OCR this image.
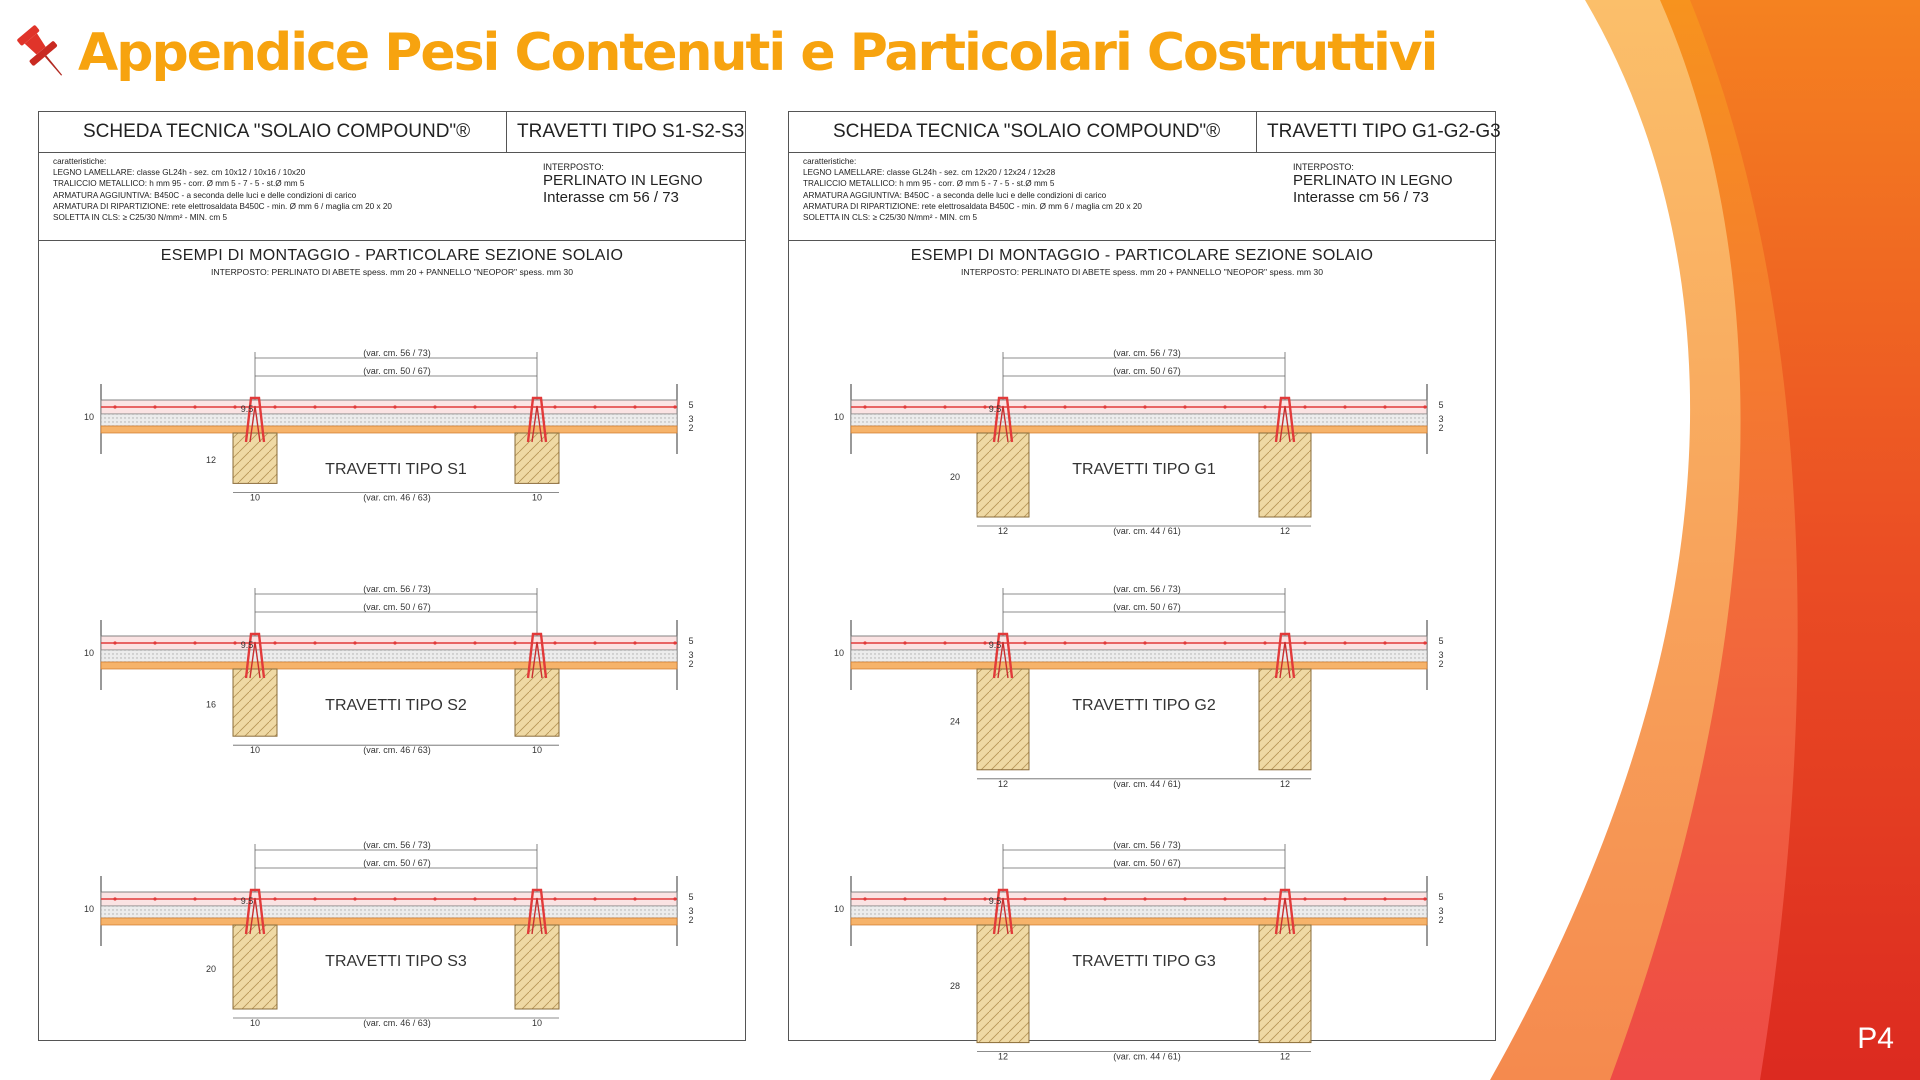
Appendice Pesi Contenuti e Particolari Costruttivi
(var. cm. 56 / 73)
(var. cm. 50 / 67)
10	10
(var. cm. 46 / 63)
10
12
9.5	5
3
2
TRAVETTI TIPO S1
(var. cm. 56 / 73)
(var. cm. 50 / 67)
10	10
(var. cm. 46 / 63)
10
16
9.5	5
3
2
TRAVETTI TIPO S2
(var. cm. 56 / 73)
(var. cm. 50 / 67)
10	10
(var. cm. 46 / 63)
10
20
9.5	5
3
2
TRAVETTI TIPO S3
SCHEDA TECNICA "SOLAIO COMPOUND"®	TRAVETTI TIPO S1-S2-S3
caratteristiche:
LEGNO LAMELLARE: classe GL24h - sez. cm 10x12 / 10x16 / 10x20
TRALICCIO METALLICO: h mm 95 - corr. Ø mm 5 - 7 - 5 - st.Ø mm 5
ARMATURA AGGIUNTIVA: B450C - a seconda delle luci e delle condizioni di carico
ARMATURA DI RIPARTIZIONE: rete elettrosaldata B450C - min. Ø mm 6 / maglia cm 20 x 20
SOLETTA IN CLS: ≥ C25/30 N/mm² - MIN. cm 5
INTERPOSTO:
PERLINATO IN LEGNO
Interasse cm 56 / 73
ESEMPI DI MONTAGGIO - PARTICOLARE SEZIONE SOLAIO
INTERPOSTO: PERLINATO DI ABETE spess. mm 20 + PANNELLO "NEOPOR" spess. mm 30
(var. cm. 56 / 73)
(var. cm. 50 / 67)
12	12
(var. cm. 44 / 61)
10
20
9.5	5
3
2
TRAVETTI TIPO G1
(var. cm. 56 / 73)
(var. cm. 50 / 67)
12	12
(var. cm. 44 / 61)
10
24
9.5	5
3
2
TRAVETTI TIPO G2
(var. cm. 56 / 73)
(var. cm. 50 / 67)
12	12
(var. cm. 44 / 61)
10
28
9.5	5
3
2
TRAVETTI TIPO G3
SCHEDA TECNICA "SOLAIO COMPOUND"®	TRAVETTI TIPO G1-G2-G3
caratteristiche:
LEGNO LAMELLARE: classe GL24h - sez. cm 12x20 / 12x24 / 12x28
TRALICCIO METALLICO: h mm 95 - corr. Ø mm 5 - 7 - 5 - st.Ø mm 5
ARMATURA AGGIUNTIVA: B450C - a seconda delle luci e delle condizioni di carico
ARMATURA DI RIPARTIZIONE: rete elettrosaldata B450C - min. Ø mm 6 / maglia cm 20 x 20
SOLETTA IN CLS: ≥ C25/30 N/mm² - MIN. cm 5
INTERPOSTO:
PERLINATO IN LEGNO
Interasse cm 56 / 73
ESEMPI DI MONTAGGIO - PARTICOLARE SEZIONE SOLAIO
INTERPOSTO: PERLINATO DI ABETE spess. mm 20 + PANNELLO "NEOPOR" spess. mm 30
P4
